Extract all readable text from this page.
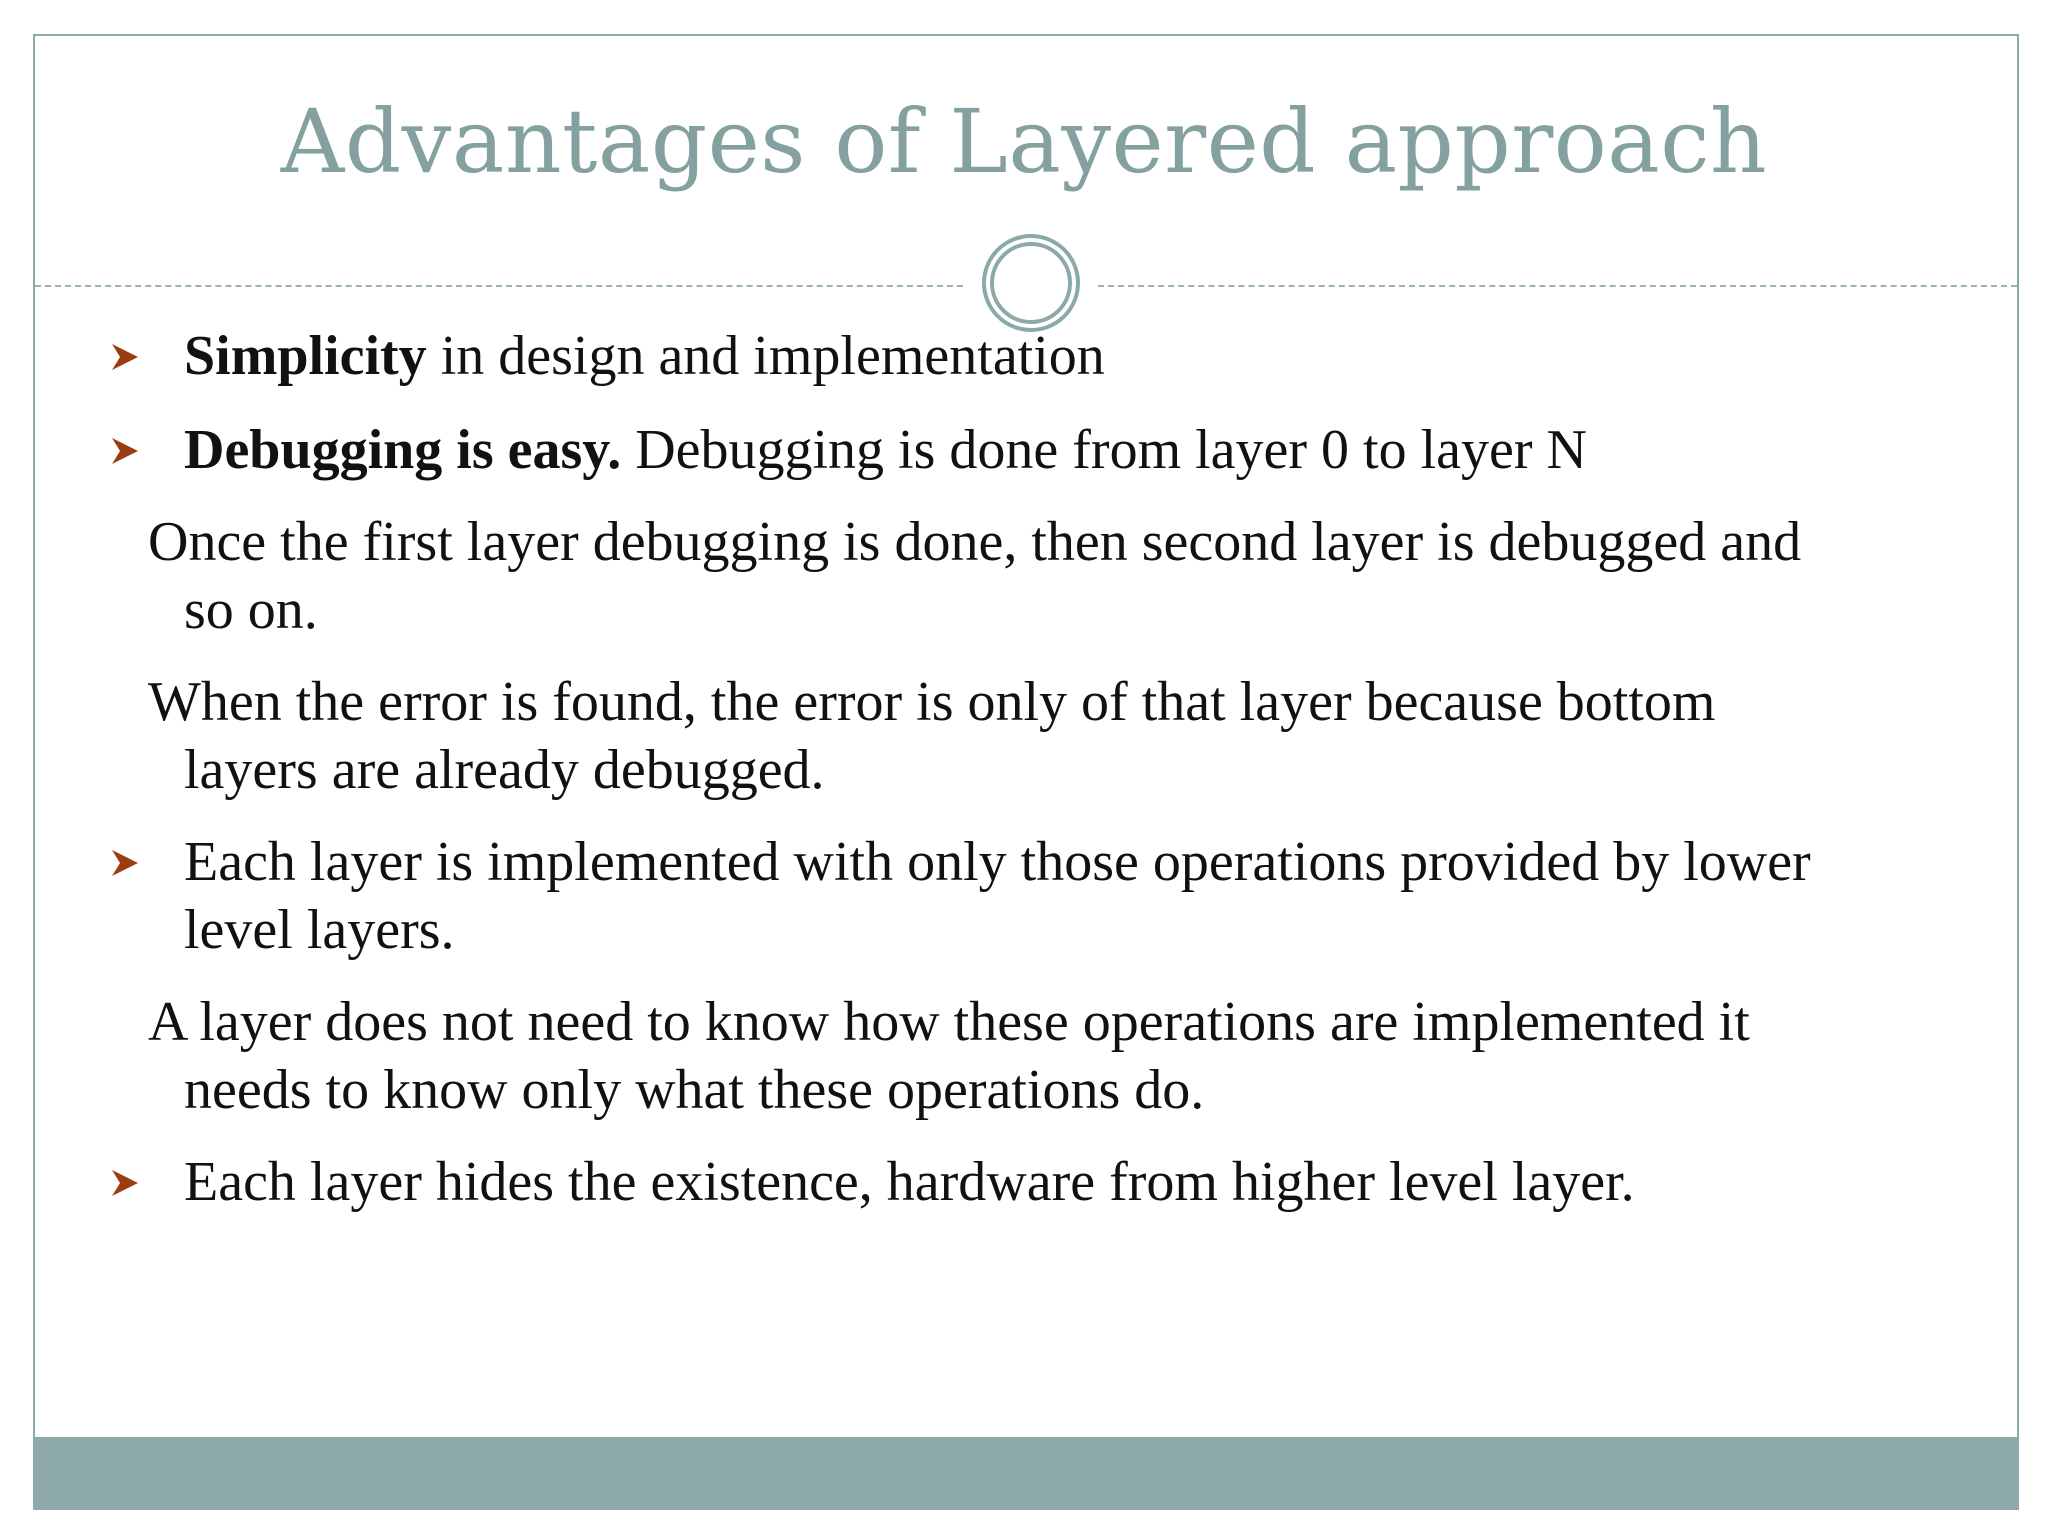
Advantages of Layered approach
Simplicity in design and implementation
Debugging is easy. Debugging is done from layer 0 to layer N
Once the first layer debugging is done, then second layer is debugged and
so on.
When the error is found, the error is only of that layer because bottom
layers are already debugged.
Each layer is implemented with only those operations provided by lower
level layers.
A layer does not need to know how these operations are implemented it
needs to know only what these operations do.
Each layer hides the existence, hardware from higher level layer.
